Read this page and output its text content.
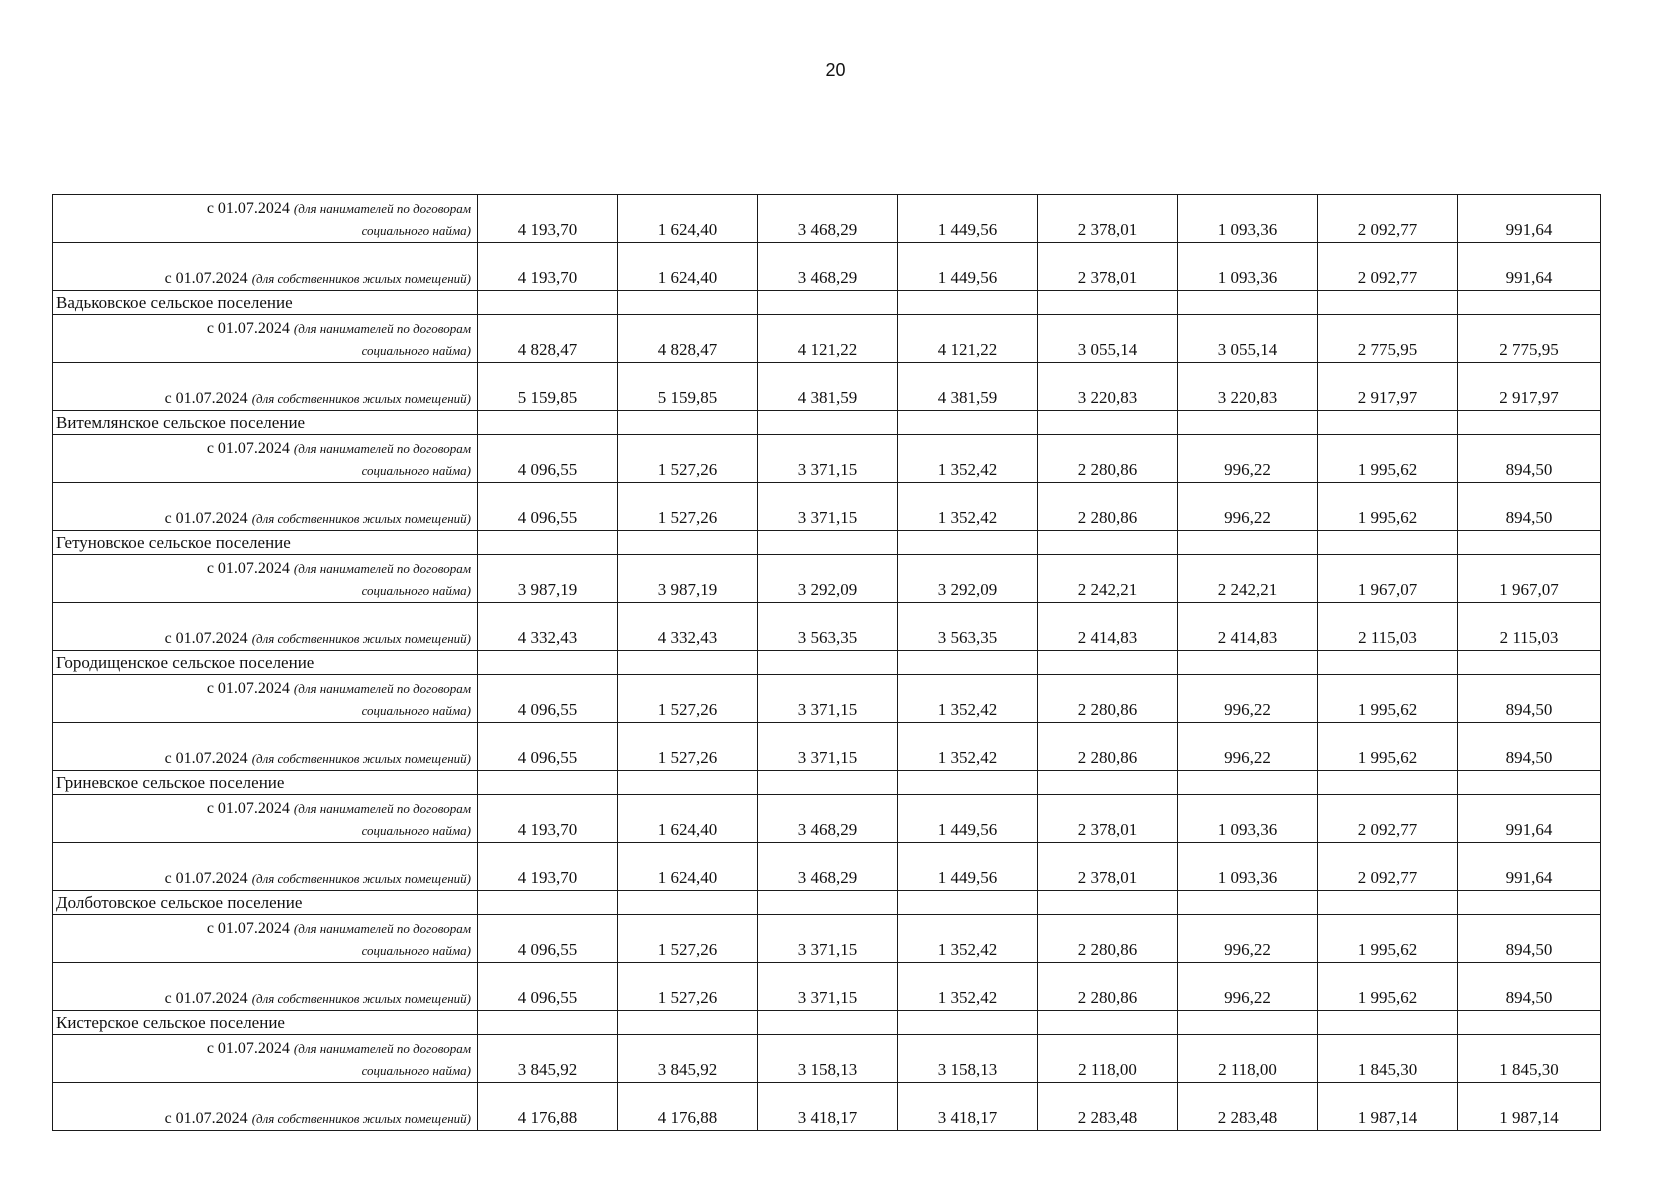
20
с 01.07.2024 (для нанимателей по договорам
социального найма)	4 193,70	1 624,40	3 468,29	1 449,56	2 378,01	1 093,36	2 092,77	991,64
с 01.07.2024 (для собственников жилых помещений)	4 193,70	1 624,40	3 468,29	1 449,56	2 378,01	1 093,36	2 092,77	991,64
Вадьковское сельское поселение								
с 01.07.2024 (для нанимателей по договорам
социального найма)	4 828,47	4 828,47	4 121,22	4 121,22	3 055,14	3 055,14	2 775,95	2 775,95
с 01.07.2024 (для собственников жилых помещений)	5 159,85	5 159,85	4 381,59	4 381,59	3 220,83	3 220,83	2 917,97	2 917,97
Витемлянское сельское поселение								
с 01.07.2024 (для нанимателей по договорам
социального найма)	4 096,55	1 527,26	3 371,15	1 352,42	2 280,86	996,22	1 995,62	894,50
с 01.07.2024 (для собственников жилых помещений)	4 096,55	1 527,26	3 371,15	1 352,42	2 280,86	996,22	1 995,62	894,50
Гетуновское сельское поселение								
с 01.07.2024 (для нанимателей по договорам
социального найма)	3 987,19	3 987,19	3 292,09	3 292,09	2 242,21	2 242,21	1 967,07	1 967,07
с 01.07.2024 (для собственников жилых помещений)	4 332,43	4 332,43	3 563,35	3 563,35	2 414,83	2 414,83	2 115,03	2 115,03
Городищенское сельское поселение								
с 01.07.2024 (для нанимателей по договорам
социального найма)	4 096,55	1 527,26	3 371,15	1 352,42	2 280,86	996,22	1 995,62	894,50
с 01.07.2024 (для собственников жилых помещений)	4 096,55	1 527,26	3 371,15	1 352,42	2 280,86	996,22	1 995,62	894,50
Гриневское сельское поселение								
с 01.07.2024 (для нанимателей по договорам
социального найма)	4 193,70	1 624,40	3 468,29	1 449,56	2 378,01	1 093,36	2 092,77	991,64
с 01.07.2024 (для собственников жилых помещений)	4 193,70	1 624,40	3 468,29	1 449,56	2 378,01	1 093,36	2 092,77	991,64
Долботовское сельское поселение								
с 01.07.2024 (для нанимателей по договорам
социального найма)	4 096,55	1 527,26	3 371,15	1 352,42	2 280,86	996,22	1 995,62	894,50
с 01.07.2024 (для собственников жилых помещений)	4 096,55	1 527,26	3 371,15	1 352,42	2 280,86	996,22	1 995,62	894,50
Кистерское сельское поселение								
с 01.07.2024 (для нанимателей по договорам
социального найма)	3 845,92	3 845,92	3 158,13	3 158,13	2 118,00	2 118,00	1 845,30	1 845,30
с 01.07.2024 (для собственников жилых помещений)	4 176,88	4 176,88	3 418,17	3 418,17	2 283,48	2 283,48	1 987,14	1 987,14
